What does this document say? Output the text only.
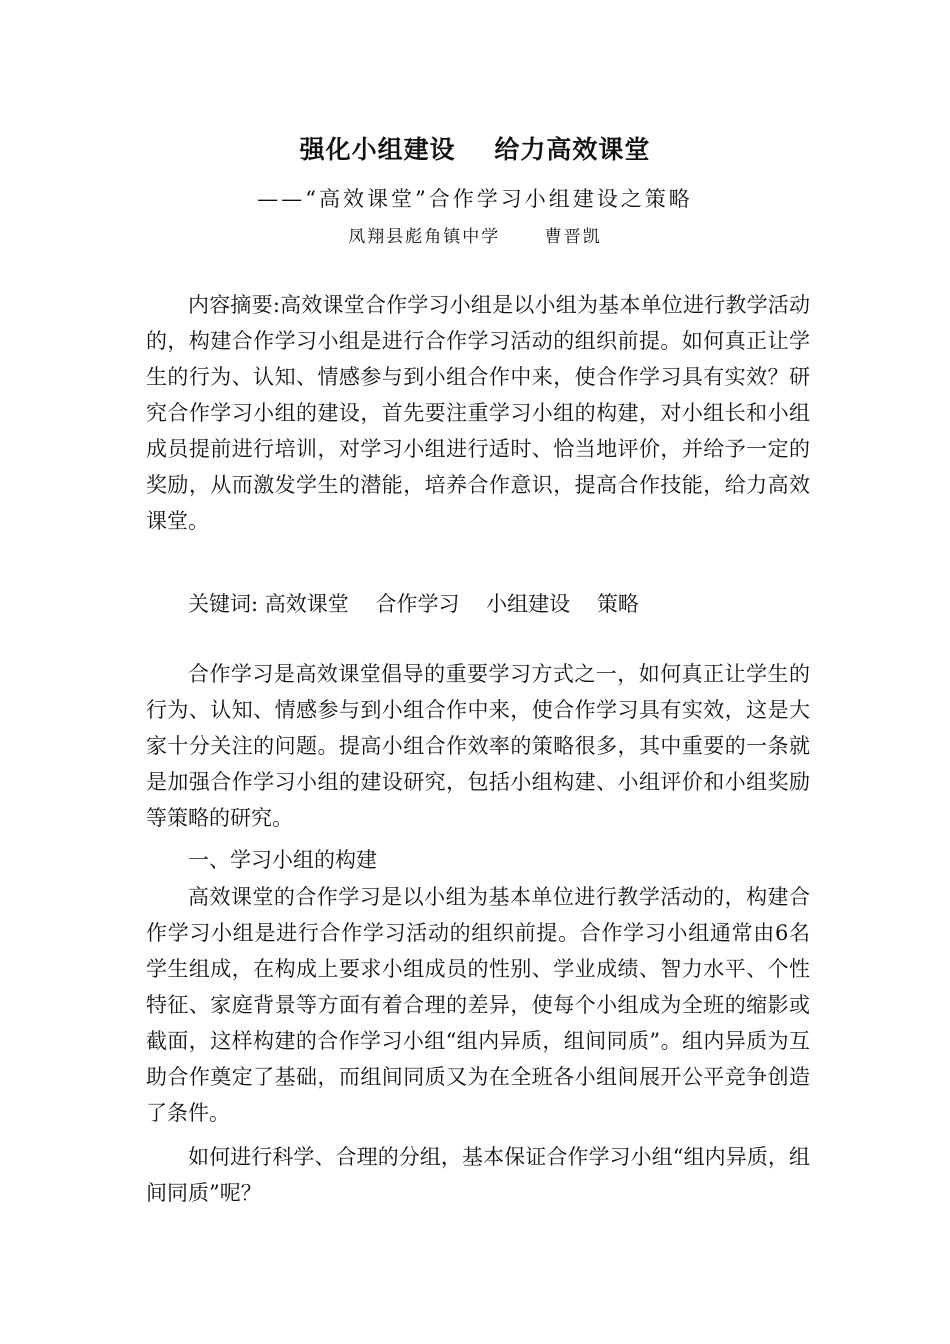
强化小组建设    给力高效课堂
——“高效课堂”合作学习小组建设之策略
凤翔县彪角镇中学      曹晋凯

内容摘要:高效课堂合作学习小组是以小组为基本单位进行教学活动的，构建合作学习小组是进行合作学习活动的组织前提。如何真正让学生的行为、认知、情感参与到小组合作中来，使合作学习具有实效？研究合作学习小组的建设，首先要注重学习小组的构建，对小组长和小组成员提前进行培训，对学习小组进行适时、恰当地评价，并给予一定的奖励，从而激发学生的潜能，培养合作意识，提高合作技能，给力高效课堂。

关键词: 高效课堂    合作学习    小组建设    策略

合作学习是高效课堂倡导的重要学习方式之一，如何真正让学生的行为、认知、情感参与到小组合作中来，使合作学习具有实效，这是大家十分关注的问题。提高小组合作效率的策略很多，其中重要的一条就是加强合作学习小组的建设研究，包括小组构建、小组评价和小组奖励等策略的研究。

一、学习小组的构建

高效课堂的合作学习是以小组为基本单位进行教学活动的，构建合作学习小组是进行合作学习活动的组织前提。合作学习小组通常由6名学生组成，在构成上要求小组成员的性别、学业成绩、智力水平、个性特征、家庭背景等方面有着合理的差异，使每个小组成为全班的缩影或截面，这样构建的合作学习小组“组内异质，组间同质”。组内异质为互助合作奠定了基础，而组间同质又为在全班各小组间展开公平竞争创造了条件。

如何进行科学、合理的分组，基本保证合作学习小组“组内异质，组间同质”呢？
